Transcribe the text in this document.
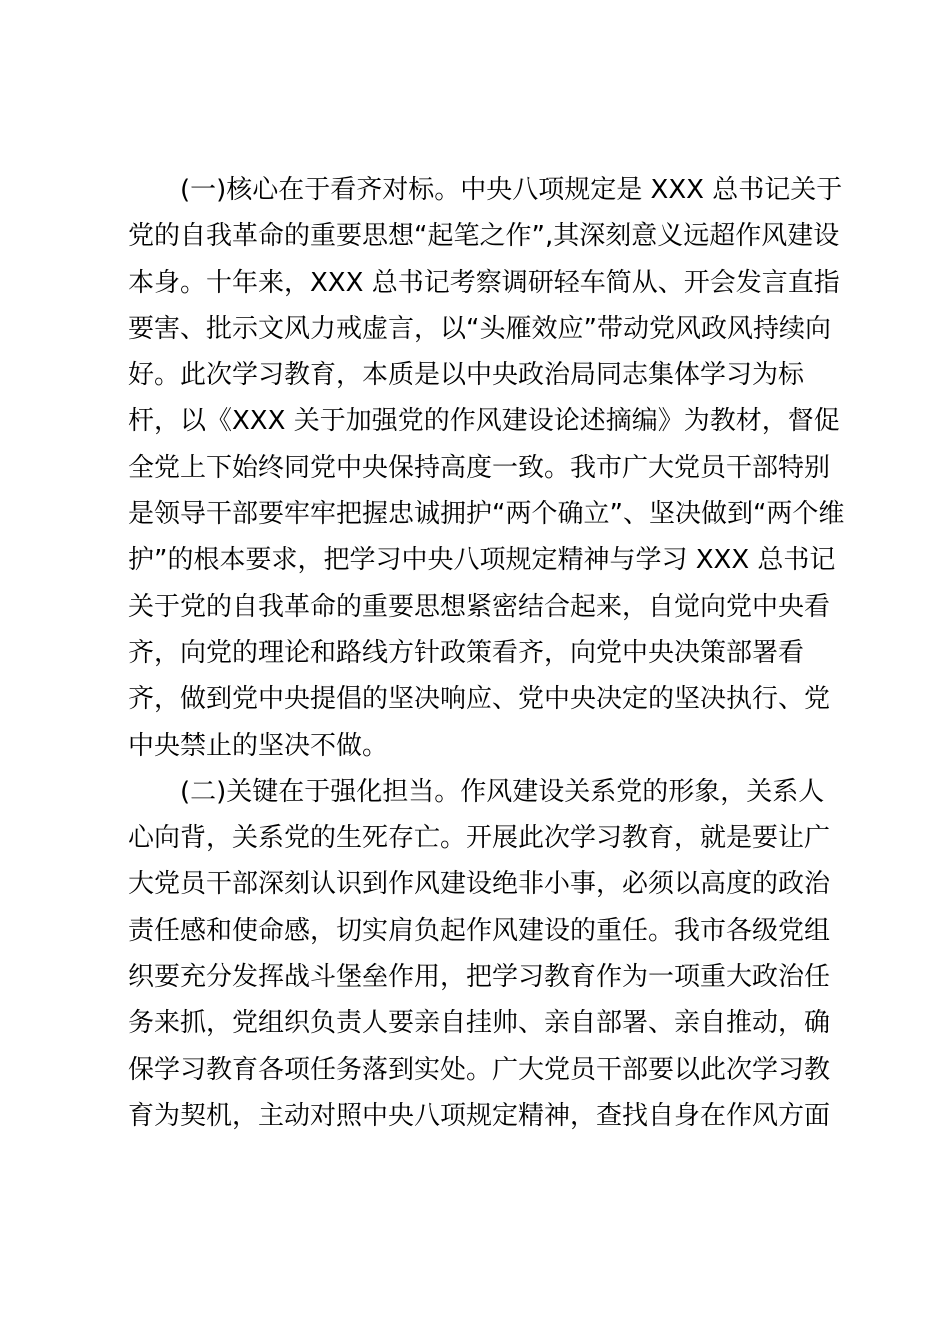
(一)核心在于看齐对标。中央八项规定是 XXX 总书记关于
党的自我革命的重要思想“起笔之作”,其深刻意义远超作风建设
本身。十年来，XXX 总书记考察调研轻车简从、开会发言直指
要害、批示文风力戒虚言，以“头雁效应”带动党风政风持续向
好。此次学习教育，本质是以中央政治局同志集体学习为标
杆，以《XXX 关于加强党的作风建设论述摘编》为教材，督促
全党上下始终同党中央保持高度一致。我市广大党员干部特别
是领导干部要牢牢把握忠诚拥护“两个确立”、坚决做到“两个维
护”的根本要求，把学习中央八项规定精神与学习 XXX 总书记
关于党的自我革命的重要思想紧密结合起来，自觉向党中央看
齐，向党的理论和路线方针政策看齐，向党中央决策部署看
齐，做到党中央提倡的坚决响应、党中央决定的坚决执行、党
中央禁止的坚决不做。
(二)关键在于强化担当。作风建设关系党的形象，关系人
心向背，关系党的生死存亡。开展此次学习教育，就是要让广
大党员干部深刻认识到作风建设绝非小事，必须以高度的政治
责任感和使命感，切实肩负起作风建设的重任。我市各级党组
织要充分发挥战斗堡垒作用，把学习教育作为一项重大政治任
务来抓，党组织负责人要亲自挂帅、亲自部署、亲自推动，确
保学习教育各项任务落到实处。广大党员干部要以此次学习教
育为契机，主动对照中央八项规定精神，查找自身在作风方面
